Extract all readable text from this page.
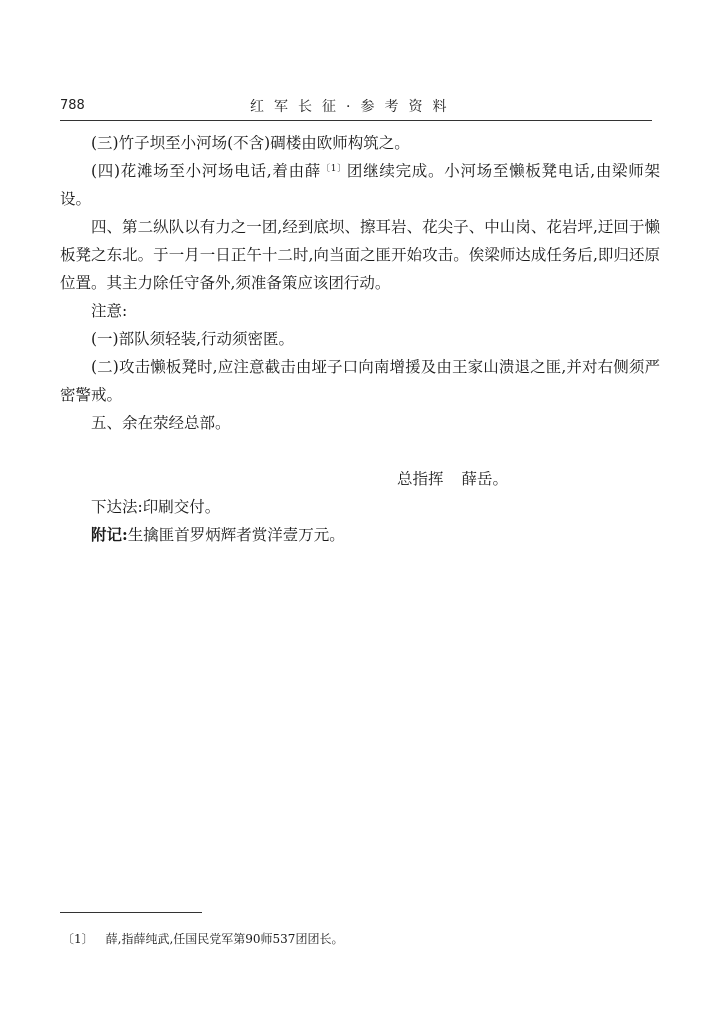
788	红军长征·参考资料

(三)竹子坝至小河场(不含)碉楼由欧师构筑之。

(四)花滩场至小河场电话,着由薛$^{〔1〕}$团继续完成。小河场至懒板凳电话,由梁师架设。

四、第二纵队以有力之一团,经到底坝、擦耳岩、花尖子、中山岗、花岩坪,迂回于懒板凳之东北。于一月一日正午十二时,向当面之匪开始攻击。俟梁师达成任务后,即归还原位置。其主力除任守备外,须准备策应该团行动。

注意:

(一)部队须轻装,行动须密匿。

(二)攻击懒板凳时,应注意截击由垭子口向南增援及由王家山溃退之匪,并对右侧须严密警戒。

五、余在荥经总部。

总指挥 薛岳。

下达法:印刷交付。

附记:生擒匪首罗炳辉者赏洋壹万元。

〔1〕 薛,指薛纯武,任国民党军第90师537团团长。
